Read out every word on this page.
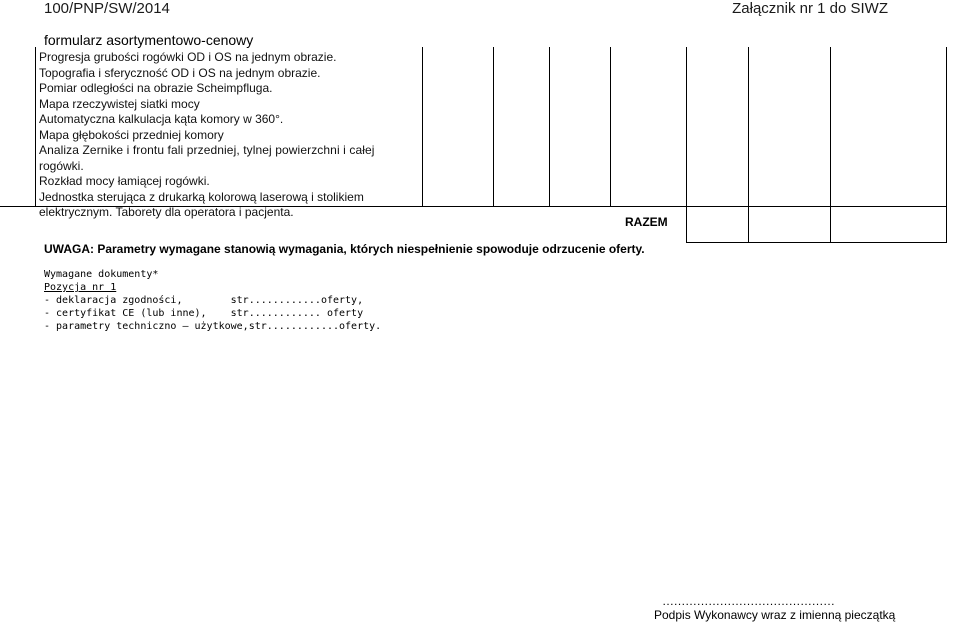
100/PNP/SW/2014	Załącznik nr 1 do SIWZ
formularz asortymentowo-cenowy
Progresja grubości rogówki OD i OS na jednym obrazie.
Topografia i sferyczność OD i OS na jednym obrazie.
Pomiar odległości na obrazie Scheimpfluga.
Mapa rzeczywistej siatki mocy
Automatyczna kalkulacja kąta komory w 360°.
Mapa głębokości przedniej komory
Analiza Zernike i frontu fali przedniej, tylnej powierzchni i całej
rogówki.
Rozkład mocy łamiącej rogówki.
Jednostka sterująca z drukarką kolorową laserową i stolikiem
elektrycznym. Taborety dla operatora i pacjenta.
RAZEM
UWAGA: Parametry wymagane stanowią wymagania, których niespełnienie spowoduje odrzucenie oferty.
Wymagane dokumenty*
Pozycja nr 1
- deklaracja zgodności,        str............oferty,
- certyfikat CE (lub inne),    str............ oferty
- parametry techniczno – użytkowe,str............oferty.
………………………………………
Podpis Wykonawcy wraz z imienną pieczątką
